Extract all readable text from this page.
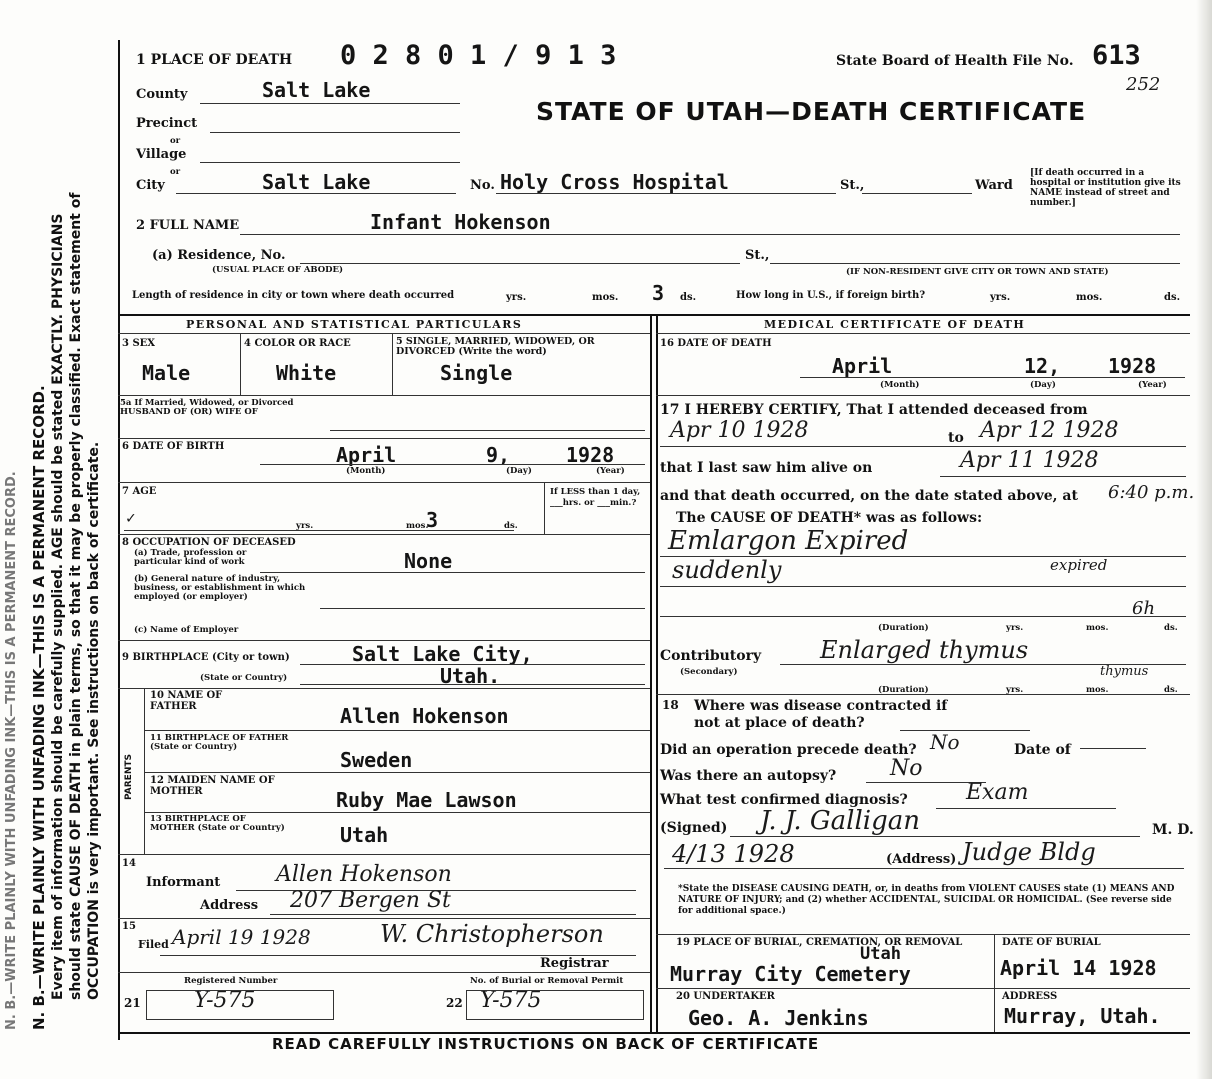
N. B.—WRITE PLAINLY WITH UNFADING INK—THIS IS A PERMANENT RECORD. Every item of information should be carefully supplied. AGE should be stated EXACTLY. PHYSICIANS should state CAUSE OF DEATH in plain terms, so that it may be properly classified. Exact statement of OCCUPATION is very important. See instructions on back of certificate.
N. B.—WRITE PLAINLY WITH UNFADING INK—THIS IS A PERMANENT RECORD.
1 PLACE OF DEATH 0 2 8 0 1 / 9 1 3	State Board of Health File No. 613
252
STATE OF UTAH—DEATH CERTIFICATE
County	Salt Lake
Precinct
or
Village
or
City	Salt Lake	No. Holy Cross Hospital	St.,	Ward
[If death occurred in a hospital or institution give its NAME instead of street and number.]
2 FULL NAME	Infant Hokenson
(a) Residence, No.
(USUAL PLACE OF ABODE)
St.,
(IF NON-RESIDENT GIVE CITY OR TOWN AND STATE)
Length of residence in city or town where death occurred	yrs.	mos. 3 ds.	How long in U.S., if foreign birth?	yrs.	mos.	ds.
PERSONAL AND STATISTICAL PARTICULARS
3 SEX
Male
4 COLOR OR RACE
White
5 SINGLE, MARRIED, WIDOWED, OR DIVORCED (Write the word)
Single
5a If Married, Widowed, or Divorced HUSBAND OF (OR) WIFE OF
6 DATE OF BIRTH	April	9,	1928
(Month)	(Day)	(Year)
7 AGE
✓	yrs.	3
mos.	ds.
If LESS than 1 day, ___hrs. or ___min.?
8 OCCUPATION OF DECEASED
(a) Trade, profession or particular kind of work	None
(b) General nature of industry, business, or establishment in which employed (or employer)
(c) Name of Employer
9 BIRTHPLACE (City or town)	Salt Lake City,
(State or Country)	Utah.
PARENTS
10 NAME OF FATHER	Allen Hokenson
11 BIRTHPLACE OF FATHER (State or Country)
Sweden
12 MAIDEN NAME OF MOTHER	Ruby Mae Lawson
13 BIRTHPLACE OF MOTHER (State or Country)	Utah
14
Informant	Allen Hokenson
Address 207 Bergen St
15
Filed April 19 1928	W. Christopherson
Registrar
Registered Number	No. of Burial or Removal Permit
21 Y-575	22 Y-575
MEDICAL CERTIFICATE OF DEATH
16 DATE OF DEATH
April	12, 1928
(Month)	(Day)	(Year)
17 I HEREBY CERTIFY, That I attended deceased from
Apr 10 1928	to Apr 12 1928
that I last saw him alive on	Apr 11 1928
and that death occurred, on the date stated above, at 6:40 p.m.
The CAUSE OF DEATH* was as follows:
Emlargon Expired
suddenly	expired
6h
(Duration)	yrs.	mos.	ds.
Contributory
(Secondary)
Enlarged thymus
thymus
(Duration)	yrs.	mos.	ds.
18 Where was disease contracted if not at place of death?
Did an operation precede death? No	Date of
Was there an autopsy? No
What test confirmed diagnosis?	Exam
(Signed) J. J. Galligan	M. D.
4/13 1928	(Address) Judge Bldg
*State the DISEASE CAUSING DEATH, or, in deaths from VIOLENT CAUSES state (1) MEANS AND NATURE OF INJURY; and (2) whether ACCIDENTAL, SUICIDAL OR HOMICIDAL. (See reverse side for additional space.)
19 PLACE OF BURIAL, CREMATION, OR REMOVAL
Utah
Murray City Cemetery
DATE OF BURIAL
April 14 1928
20 UNDERTAKER
Geo. A. Jenkins
ADDRESS
Murray, Utah.
READ CAREFULLY INSTRUCTIONS ON BACK OF CERTIFICATE
